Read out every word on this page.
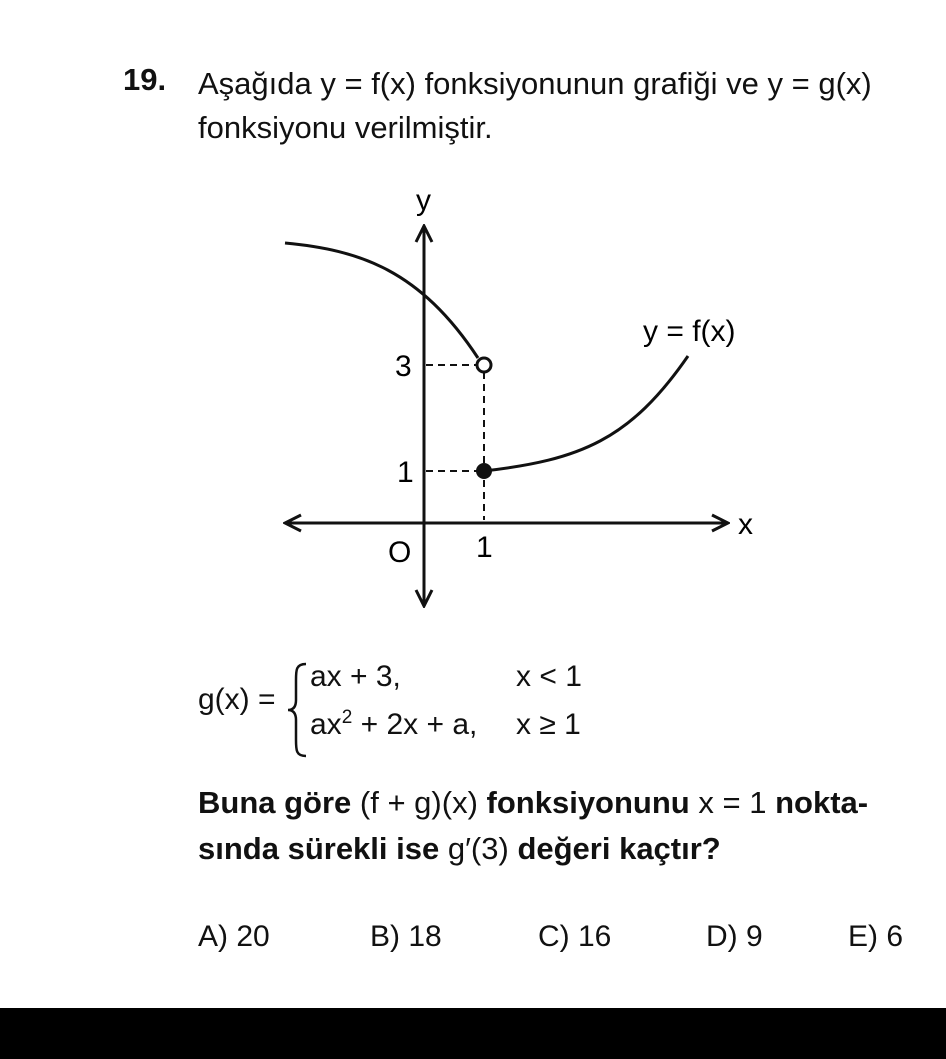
19. Aşağıda y = f(x) fonksiyonunun grafiği ve y = g(x)
fonksiyonu verilmiştir.
y
x
O
3
1
1
y = f(x)
g(x) =
ax + 3,	x < 1
$ax^2 + 2x + a$, x ≥ 1
Buna göre (f + g)(x) fonksiyonunu x = 1 nokta-
sında sürekli ise g′(3) değeri kaçtır?
A) 20	B) 18	C) 16	D) 9	E) 6
